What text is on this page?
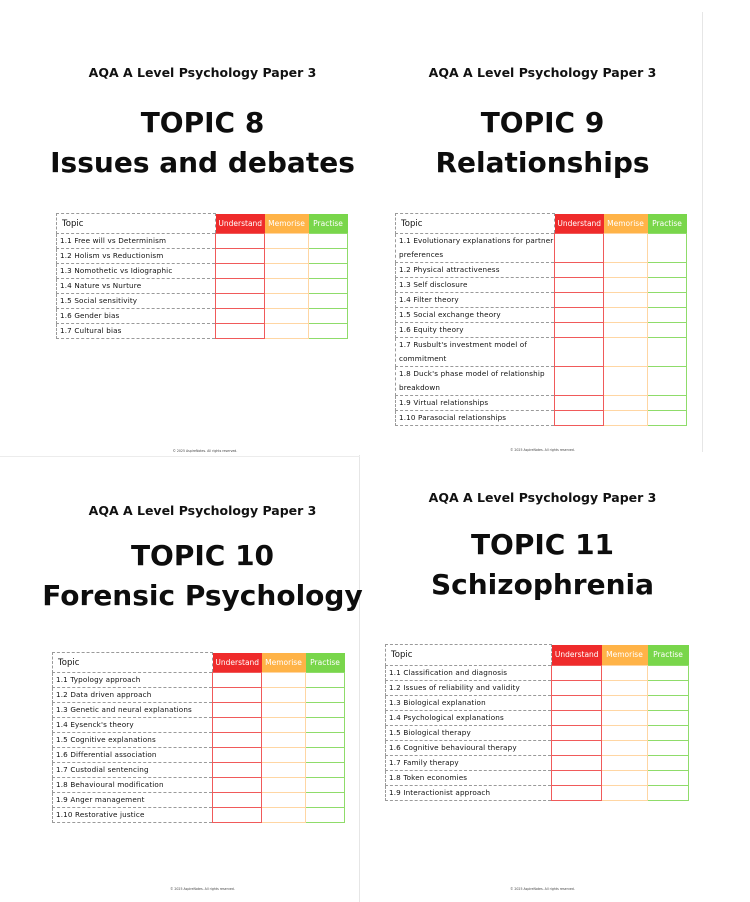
AQA A Level Psychology Paper 3
TOPIC 8
Issues and debates
Topic	Understand	Memorise	Practise
1.1 Free will vs Determinism			
1.2 Holism vs Reductionism			
1.3 Nomothetic vs Idiographic			
1.4 Nature vs Nurture			
1.5 Social sensitivity			
1.6 Gender bias			
1.7 Cultural bias			
© 2025 AspireNotes. All rights reserved.
AQA A Level Psychology Paper 3
TOPIC 9
Relationships
Topic	Understand	Memorise	Practise
1.1 Evolutionary explanations for partner preferences			
1.2 Physical attractiveness			
1.3 Self disclosure			
1.4 Filter theory			
1.5 Social exchange theory			
1.6 Equity theory			
1.7 Rusbult's investment model of commitment			
1.8 Duck's phase model of relationship breakdown			
1.9 Virtual relationships			
1.10 Parasocial relationships			
© 2025 AspireNotes. All rights reserved.
AQA A Level Psychology Paper 3
TOPIC 10
Forensic Psychology
Topic	Understand	Memorise	Practise
1.1 Typology approach			
1.2 Data driven approach			
1.3 Genetic and neural explanations			
1.4 Eysenck's theory			
1.5 Cognitive explanations			
1.6 Differential association			
1.7 Custodial sentencing			
1.8 Behavioural modification			
1.9 Anger management			
1.10 Restorative justice			
© 2025 AspireNotes. All rights reserved.
AQA A Level Psychology Paper 3
TOPIC 11
Schizophrenia
Topic	Understand	Memorise	Practise
1.1 Classification and diagnosis			
1.2 Issues of reliability and validity			
1.3 Biological explanation			
1.4 Psychological explanations			
1.5 Biological therapy			
1.6 Cognitive behavioural therapy			
1.7 Family therapy			
1.8 Token economies			
1.9 Interactionist approach			
© 2025 AspireNotes. All rights reserved.
